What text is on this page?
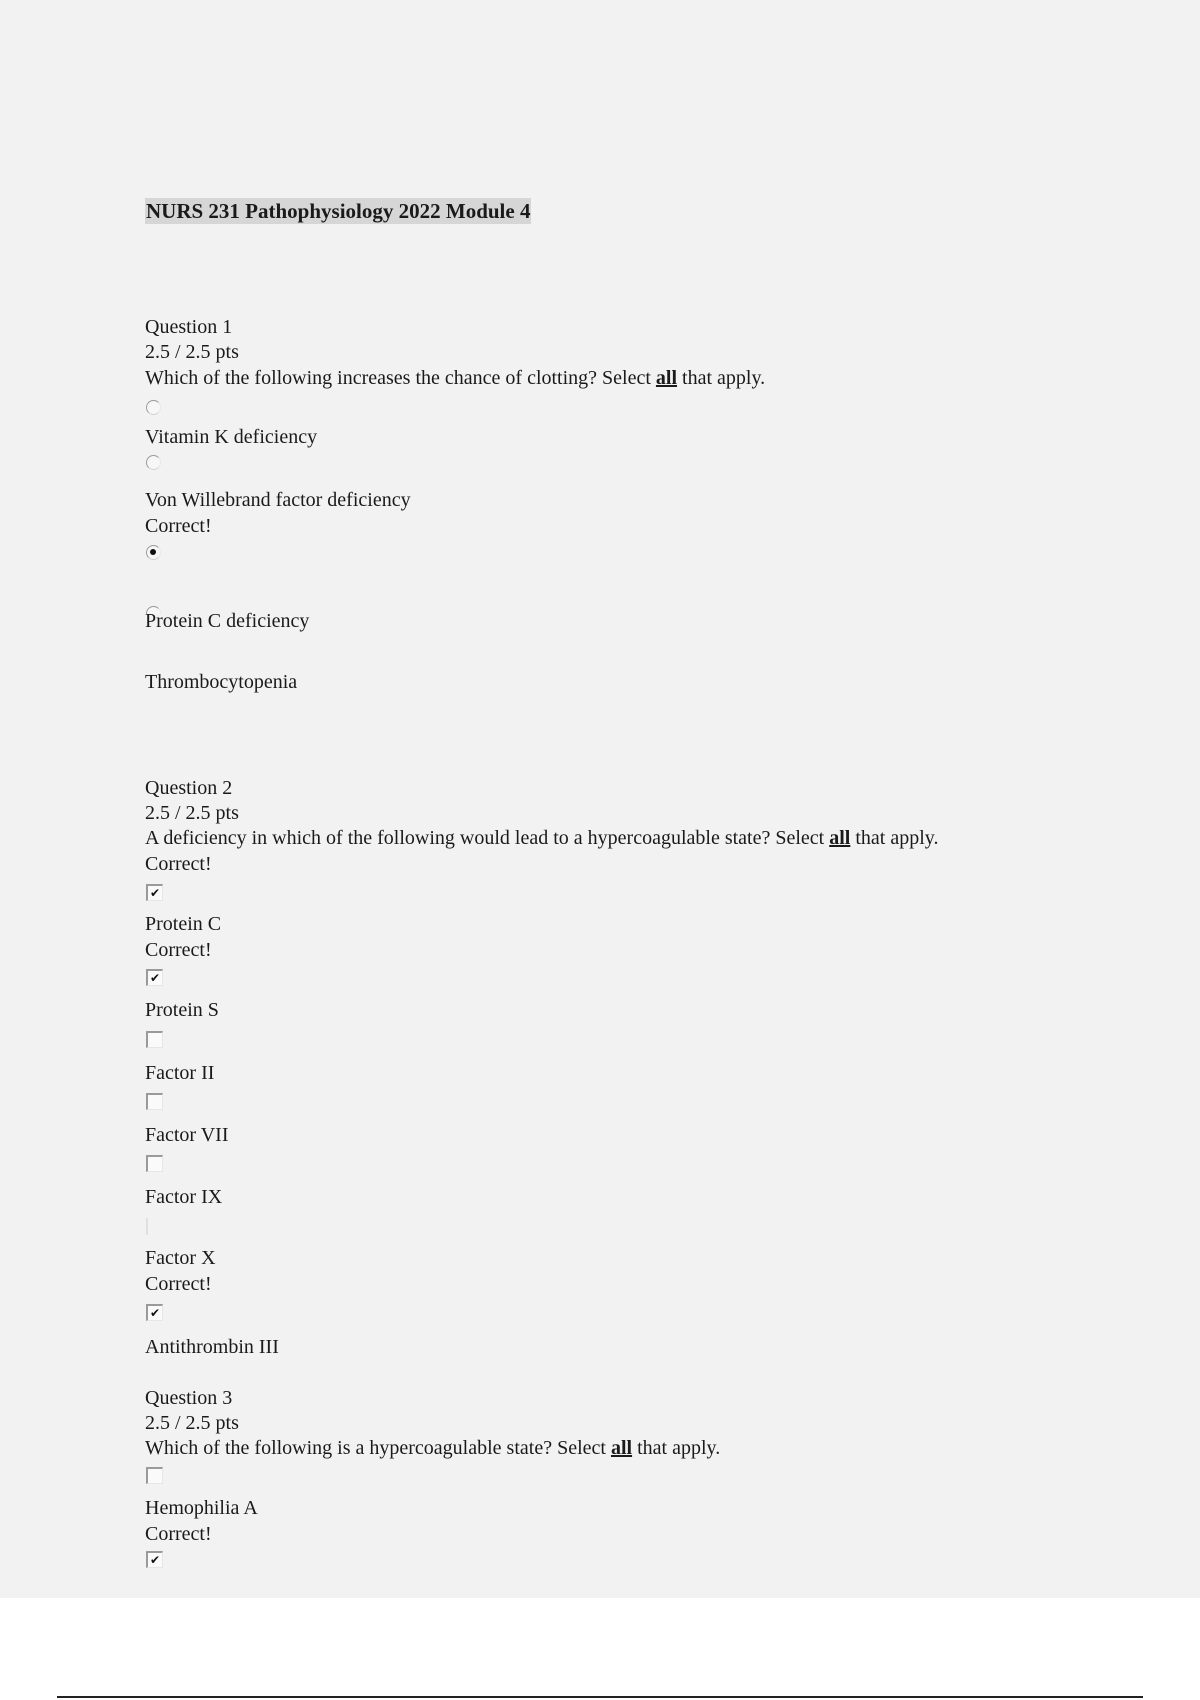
NURS 231 Pathophysiology 2022 Module 4
Question 1
2.5 / 2.5 pts
Which of the following increases the chance of clotting? Select all that apply.
Vitamin K deficiency
Von Willebrand factor deficiency
Correct!
Protein C deficiency
Thrombocytopenia
Question 2
2.5 / 2.5 pts
A deficiency in which of the following would lead to a hypercoagulable state? Select all that apply.
Correct!
✔
Protein C
Correct!
✔
Protein S
Factor II
Factor VII
Factor IX
Factor X
Correct!
✔
Antithrombin III
Question 3
2.5 / 2.5 pts
Which of the following is a hypercoagulable state? Select all that apply.
Hemophilia A
Correct!
✔
